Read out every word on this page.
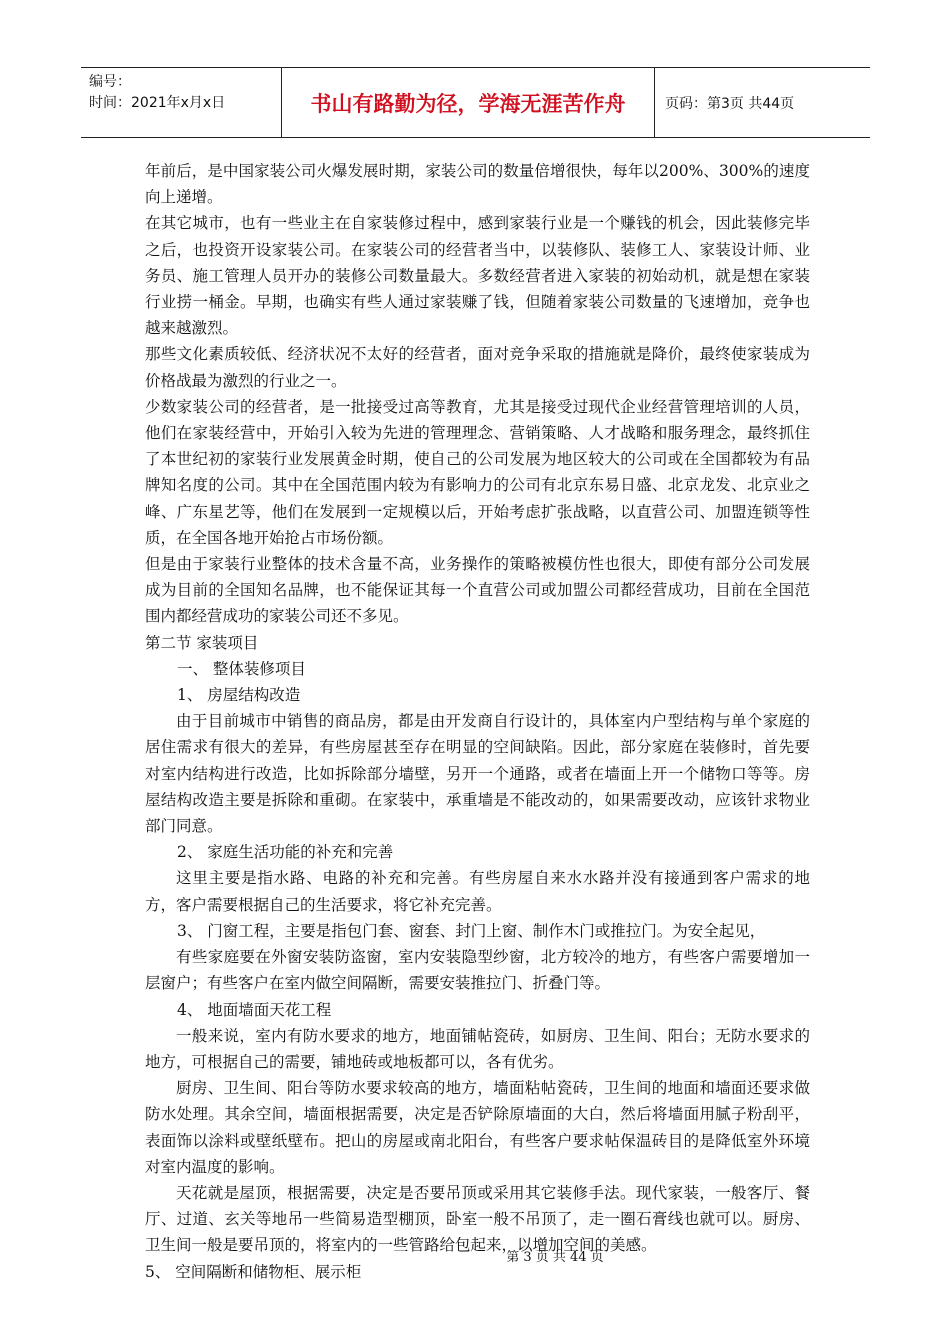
编号：
时间：2021年x月x日	书山有路勤为径，学海无涯苦作舟	页码：第3页 共44页

年前后，是中国家装公司火爆发展时期，家装公司的数量倍增很快，每年以200%、300%的速度向上递增。

在其它城市，也有一些业主在自家装修过程中，感到家装行业是一个赚钱的机会，因此装修完毕之后，也投资开设家装公司。在家装公司的经营者当中，以装修队、装修工人、家装设计师、业务员、施工管理人员开办的装修公司数量最大。多数经营者进入家装的初始动机，就是想在家装行业捞一桶金。早期，也确实有些人通过家装赚了钱，但随着家装公司数量的飞速增加，竞争也越来越激烈。

那些文化素质较低、经济状况不太好的经营者，面对竞争采取的措施就是降价，最终使家装成为价格战最为激烈的行业之一。

少数家装公司的经营者，是一批接受过高等教育，尤其是接受过现代企业经营管理培训的人员，他们在家装经营中，开始引入较为先进的管理理念、营销策略、人才战略和服务理念，最终抓住了本世纪初的家装行业发展黄金时期，使自己的公司发展为地区较大的公司或在全国都较为有品牌知名度的公司。其中在全国范围内较为有影响力的公司有北京东易日盛、北京龙发、北京业之峰、广东星艺等，他们在发展到一定规模以后，开始考虑扩张战略，以直营公司、加盟连锁等性质，在全国各地开始抢占市场份额。

但是由于家装行业整体的技术含量不高，业务操作的策略被模仿性也很大，即使有部分公司发展成为目前的全国知名品牌，也不能保证其每一个直营公司或加盟公司都经营成功，目前在全国范围内都经营成功的家装公司还不多见。

第二节 家装项目

一、 整体装修项目

1、 房屋结构改造

由于目前城市中销售的商品房，都是由开发商自行设计的，具体室内户型结构与单个家庭的居住需求有很大的差异，有些房屋甚至存在明显的空间缺陷。因此，部分家庭在装修时，首先要对室内结构进行改造，比如拆除部分墙壁，另开一个通路，或者在墙面上开一个储物口等等。房屋结构改造主要是拆除和重砌。在家装中，承重墙是不能改动的，如果需要改动，应该针求物业部门同意。

2、 家庭生活功能的补充和完善

这里主要是指水路、电路的补充和完善。有些房屋自来水水路并没有接通到客户需求的地方，客户需要根据自己的生活要求，将它补充完善。

3、 门窗工程，主要是指包门套、窗套、封门上窗、制作木门或推拉门。为安全起见，

有些家庭要在外窗安装防盗窗，室内安装隐型纱窗，北方较冷的地方，有些客户需要增加一层窗户；有些客户在室内做空间隔断，需要安装推拉门、折叠门等。

4、 地面墙面天花工程

一般来说，室内有防水要求的地方，地面铺帖瓷砖，如厨房、卫生间、阳台；无防水要求的地方，可根据自己的需要，铺地砖或地板都可以，各有优劣。

厨房、卫生间、阳台等防水要求较高的地方，墙面粘帖瓷砖，卫生间的地面和墙面还要求做防水处理。其余空间，墙面根据需要，决定是否铲除原墙面的大白，然后将墙面用腻子粉刮平，表面饰以涂料或壁纸壁布。把山的房屋或南北阳台，有些客户要求帖保温砖目的是降低室外环境对室内温度的影响。

天花就是屋顶，根据需要，决定是否要吊顶或采用其它装修手法。现代家装，一般客厅、餐厅、过道、玄关等地吊一些简易造型棚顶，卧室一般不吊顶了，走一圈石膏线也就可以。厨房、卫生间一般是要吊顶的，将室内的一些管路给包起来，以增加空间的美感。

5、 空间隔断和储物柜、展示柜

第 3 页 共 44 页
